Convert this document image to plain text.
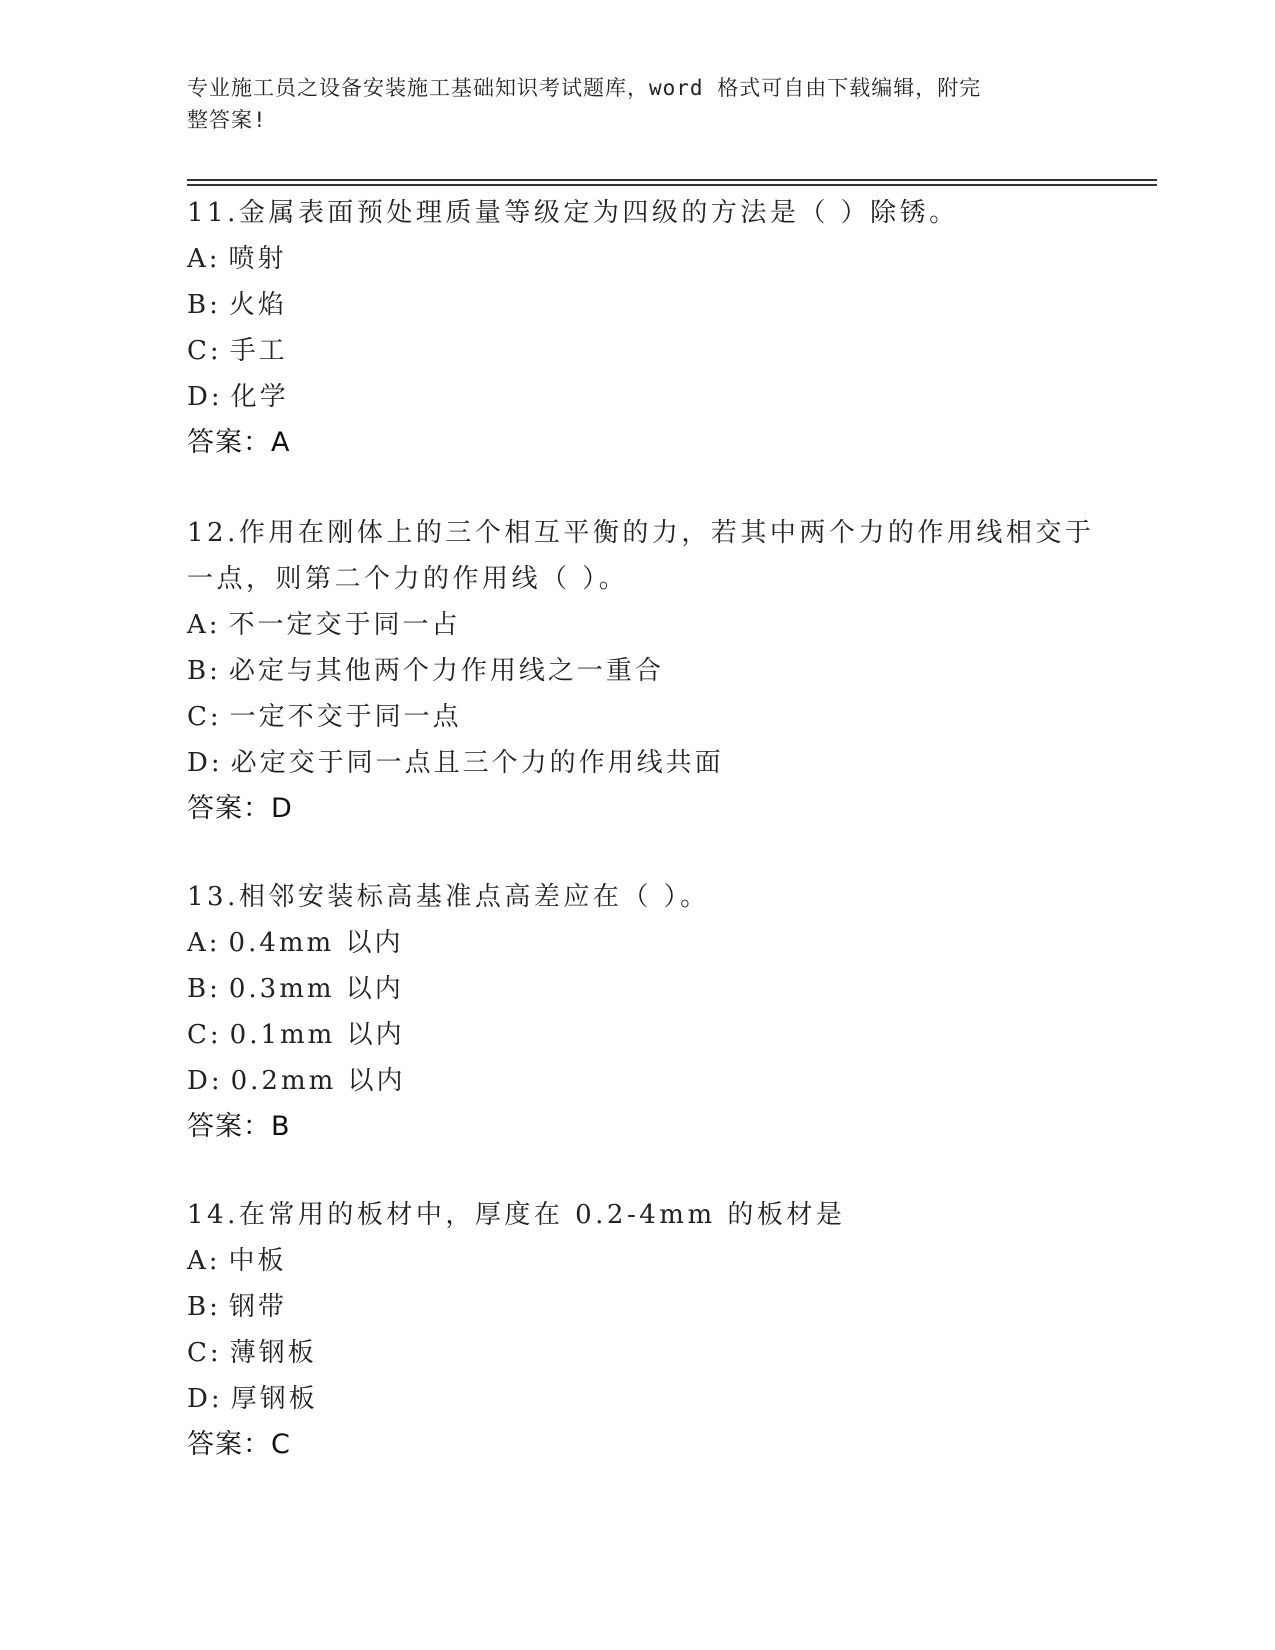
专业施工员之设备安装施工基础知识考试题库，word 格式可自由下载编辑，附完
整答案!
11.金属表面预处理质量等级定为四级的方法是（ ）除锈。
A: 喷射
B: 火焰
C: 手工
D: 化学
答案：A
12.作用在刚体上的三个相互平衡的力，若其中两个力的作用线相交于
一点，则第二个力的作用线（ ）。
A: 不一定交于同一占
B: 必定与其他两个力作用线之一重合
C: 一定不交于同一点
D: 必定交于同一点且三个力的作用线共面
答案：D
13.相邻安装标高基准点高差应在（ ）。
A: 0.4mm 以内
B: 0.3mm 以内
C: 0.1mm 以内
D: 0.2mm 以内
答案：B
14.在常用的板材中，厚度在 0.2-4mm 的板材是
A: 中板
B: 钢带
C: 薄钢板
D: 厚钢板
答案：C
